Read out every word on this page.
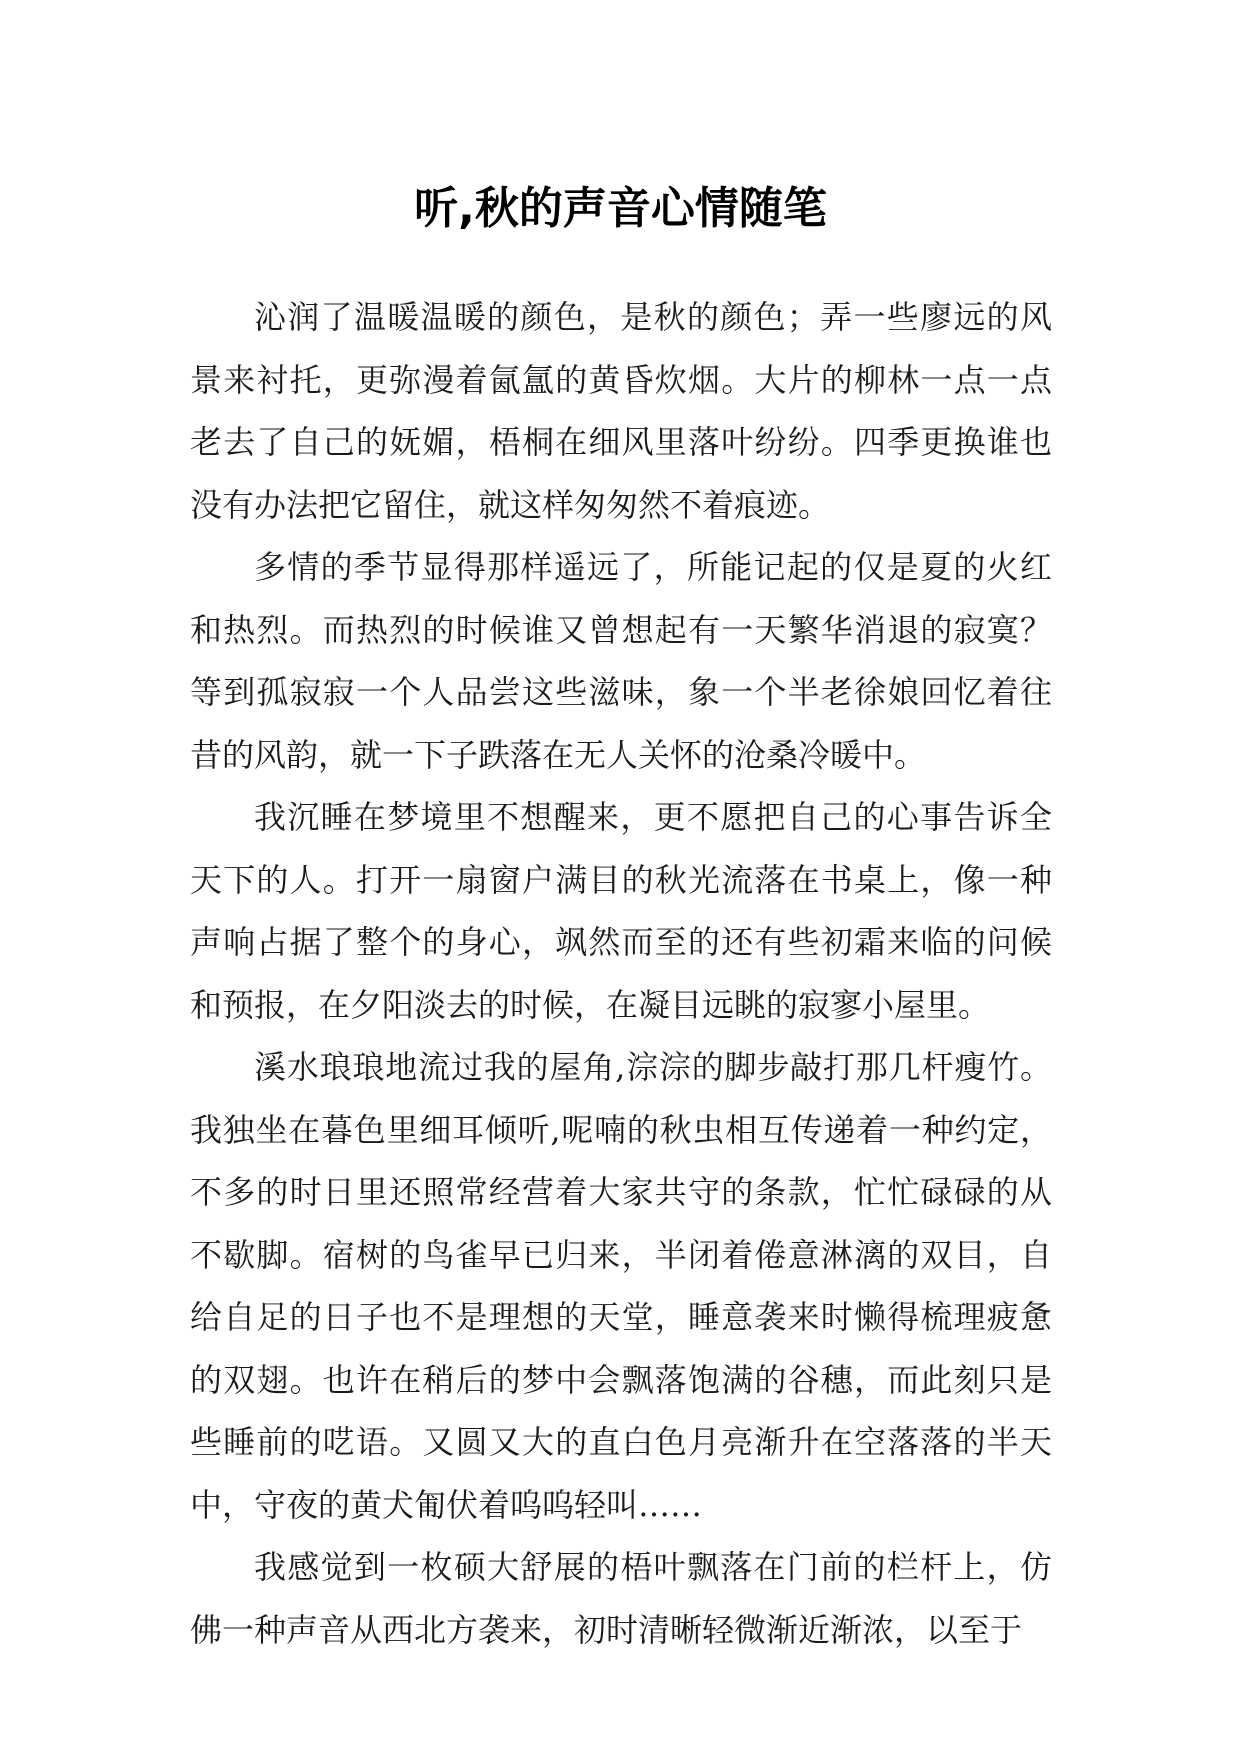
听,秋的声音心情随笔

沁润了温暖温暖的颜色，是秋的颜色；弄一些廖远的风景来衬托，更弥漫着氤氲的黄昏炊烟。大片的柳林一点一点老去了自己的妩媚，梧桐在细风里落叶纷纷。四季更换谁也没有办法把它留住，就这样匆匆然不着痕迹。

多情的季节显得那样遥远了，所能记起的仅是夏的火红和热烈。而热烈的时候谁又曾想起有一天繁华消退的寂寞？等到孤寂寂一个人品尝这些滋味，象一个半老徐娘回忆着往昔的风韵，就一下子跌落在无人关怀的沧桑冷暖中。

我沉睡在梦境里不想醒来，更不愿把自己的心事告诉全天下的人。打开一扇窗户满目的秋光流落在书桌上，像一种声响占据了整个的身心，飒然而至的还有些初霜来临的问候和预报，在夕阳淡去的时候，在凝目远眺的寂寥小屋里。

溪水琅琅地流过我的屋角,淙淙的脚步敲打那几杆瘦竹。我独坐在暮色里细耳倾听,呢喃的秋虫相互传递着一种约定，不多的时日里还照常经营着大家共守的条款，忙忙碌碌的从不歇脚。宿树的鸟雀早已归来，半闭着倦意淋漓的双目，自给自足的日子也不是理想的天堂，睡意袭来时懒得梳理疲惫的双翅。也许在稍后的梦中会飘落饱满的谷穗，而此刻只是些睡前的呓语。又圆又大的直白色月亮渐升在空落落的半天中，守夜的黄犬匍伏着呜呜轻叫……

我感觉到一枚硕大舒展的梧叶飘落在门前的栏杆上，仿佛一种声音从西北方袭来，初时清晰轻微渐近渐浓，以至于
